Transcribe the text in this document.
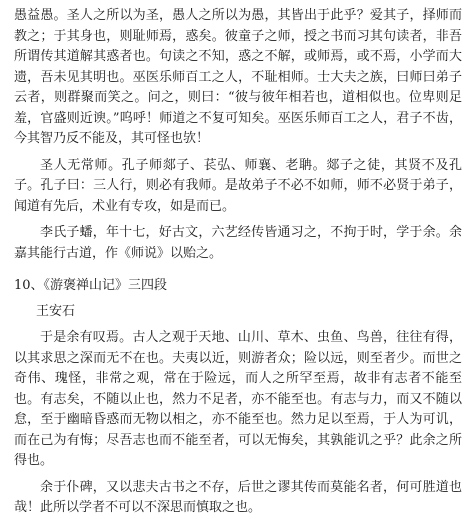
愚益愚。圣人之所以为圣，愚人之所以为愚，其皆出于此乎？爱其子，择师而教之；于其身也，则耻师焉，惑矣。彼童子之师，授之书而习其句读者，非吾所谓传其道解其惑者也。句读之不知，惑之不解，或师焉，或不焉，小学而大遗，吾未见其明也。巫医乐师百工之人，不耻相师。士大夫之族，曰师曰弟子云者，则群聚而笑之。问之，则曰：“彼与彼年相若也，道相似也。位卑则足羞，官盛则近谀。”呜呼！师道之不复可知矣。巫医乐师百工之人，君子不齿，今其智乃反不能及，其可怪也欤！

圣人无常师。孔子师郯子、苌弘、师襄、老聃。郯子之徒，其贤不及孔子。孔子曰：三人行，则必有我师。是故弟子不必不如师，师不必贤于弟子，闻道有先后，术业有专攻，如是而已。

李氏子蟠，年十七，好古文，六艺经传皆通习之，不拘于时，学于余。余嘉其能行古道，作《师说》以贻之。

10、《游褒禅山记》三四段
王安石

于是余有叹焉。古人之观于天地、山川、草木、虫鱼、鸟兽，往往有得，以其求思之深而无不在也。夫夷以近，则游者众；险以远，则至者少。而世之奇伟、瑰怪，非常之观，常在于险远，而人之所罕至焉，故非有志者不能至也。有志矣，不随以止也，然力不足者，亦不能至也。有志与力，而又不随以怠，至于幽暗昏惑而无物以相之，亦不能至也。然力足以至焉，于人为可讥，而在己为有悔；尽吾志也而不能至者，可以无悔矣，其孰能讥之乎？此余之所得也。

余于仆碑，又以悲夫古书之不存，后世之谬其传而莫能名者，何可胜道也哉！此所以学者不可以不深思而慎取之也。
